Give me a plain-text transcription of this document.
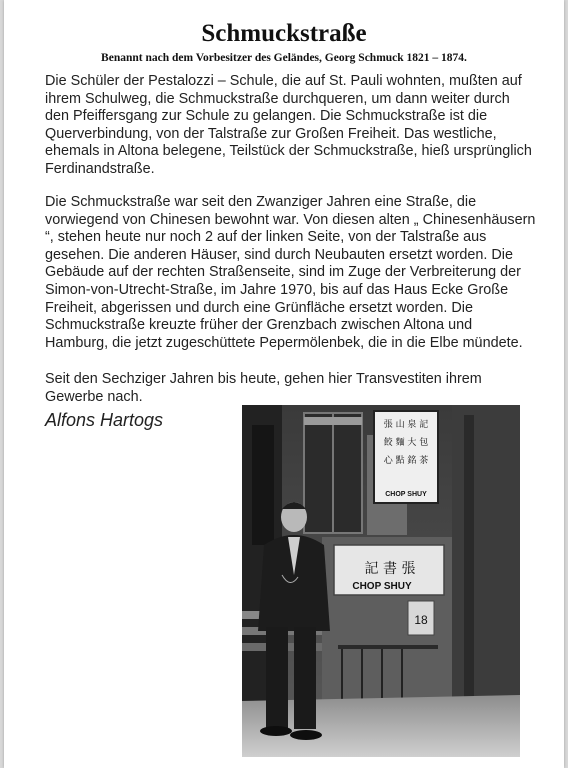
Schmuckstraße
Benannt nach dem Vorbesitzer des Geländes, Georg Schmuck 1821 – 1874.

Die Schüler der Pestalozzi – Schule, die auf St. Pauli wohnten, mußten auf ihrem Schulweg, die Schmuckstraße durchqueren, um dann weiter durch den Pfeiffersgang zur Schule zu gelangen. Die Schmuckstraße ist die Querverbindung, von der Talstraße zur Großen Freiheit. Das westliche, ehemals in Altona belegene, Teilstück der Schmuckstraße, hieß ursprünglich Ferdinandstraße.

Die Schmuckstraße war seit den Zwanziger Jahren eine Straße, die vorwiegend von Chinesen bewohnt war. Von diesen alten „ Chinesenhäusern “, stehen heute nur noch 2 auf der linken Seite, von der Talstraße aus gesehen. Die anderen Häuser, sind durch Neubauten ersetzt worden. Die Gebäude auf der rechten Straßenseite, sind im Zuge der Verbreiterung der Simon-von-Utrecht-Straße, im Jahre 1970, bis auf das Haus Ecke Große Freiheit, abgerissen und durch eine Grünfläche ersetzt worden. Die Schmuckstraße kreuzte früher der Grenzbach zwischen Altona und Hamburg, die jetzt zugeschüttete Pepermölenbek, die in die Elbe mündete.

Seit den Sechziger Jahren bis heute, gehen hier Transvestiten ihrem Gewerbe nach.

Alfons Hartogs	張 山 泉 記
餃 麵 大 包
心 點 銘 茶
CHOP SHUY
記 書 張
CHOP SHUY
18
